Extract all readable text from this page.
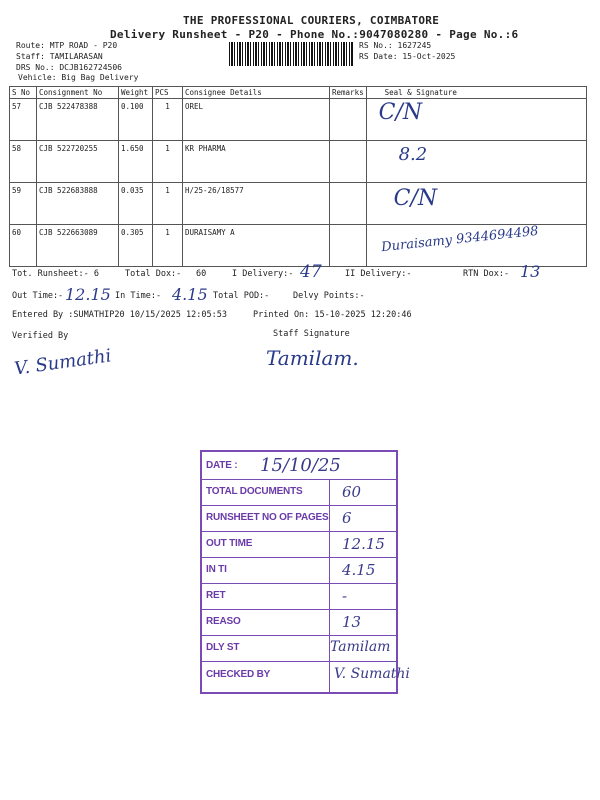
THE PROFESSIONAL COURIERS, COIMBATORE
Delivery Runsheet - P20 - Phone No.:9047080280 - Page No.:6
Route: MTP ROAD - P20
Staff: TAMILARASAN
DRS No.: DCJB162724506
Vehicle: Big Bag Delivery
RS No.: 1627245
RS Date: 15-Oct-2025
S No	Consignment No	Weight	PCS	Consignee Details	Remarks	Seal & Signature
57	CJB 522478388	0.100	1	OREL		C/N
58	CJB 522720255	1.650	1	KR PHARMA		8.2
59	CJB 522683888	0.035	1	H/25-26/18577		C/N
60	CJB 522663089	0.305	1	DURAISAMY A		Duraisamy 9344694498
Tot. Runsheet:- 6	Total Dox:- 60	I Delivery:- 47	II Delivery:-	RTN Dox:- 13
Out Time:- 12.15 In Time:- 4.15 Total POD:-	Delvy Points:-
Entered By :SUMATHIP20 10/15/2025 12:05:53	Printed On: 15-10-2025 12:20:46
Verified By	Staff Signature
V. Sumathi	Tamilam.
DATE : 15/10/25
TOTAL DOCUMENTS	60
RUNSHEET NO OF PAGES 6
OUT TIME	12.15
IN TI	4.15
RET	-
REASO	13
DLY ST	Tamilam
CHECKED BY	V. Sumathi
